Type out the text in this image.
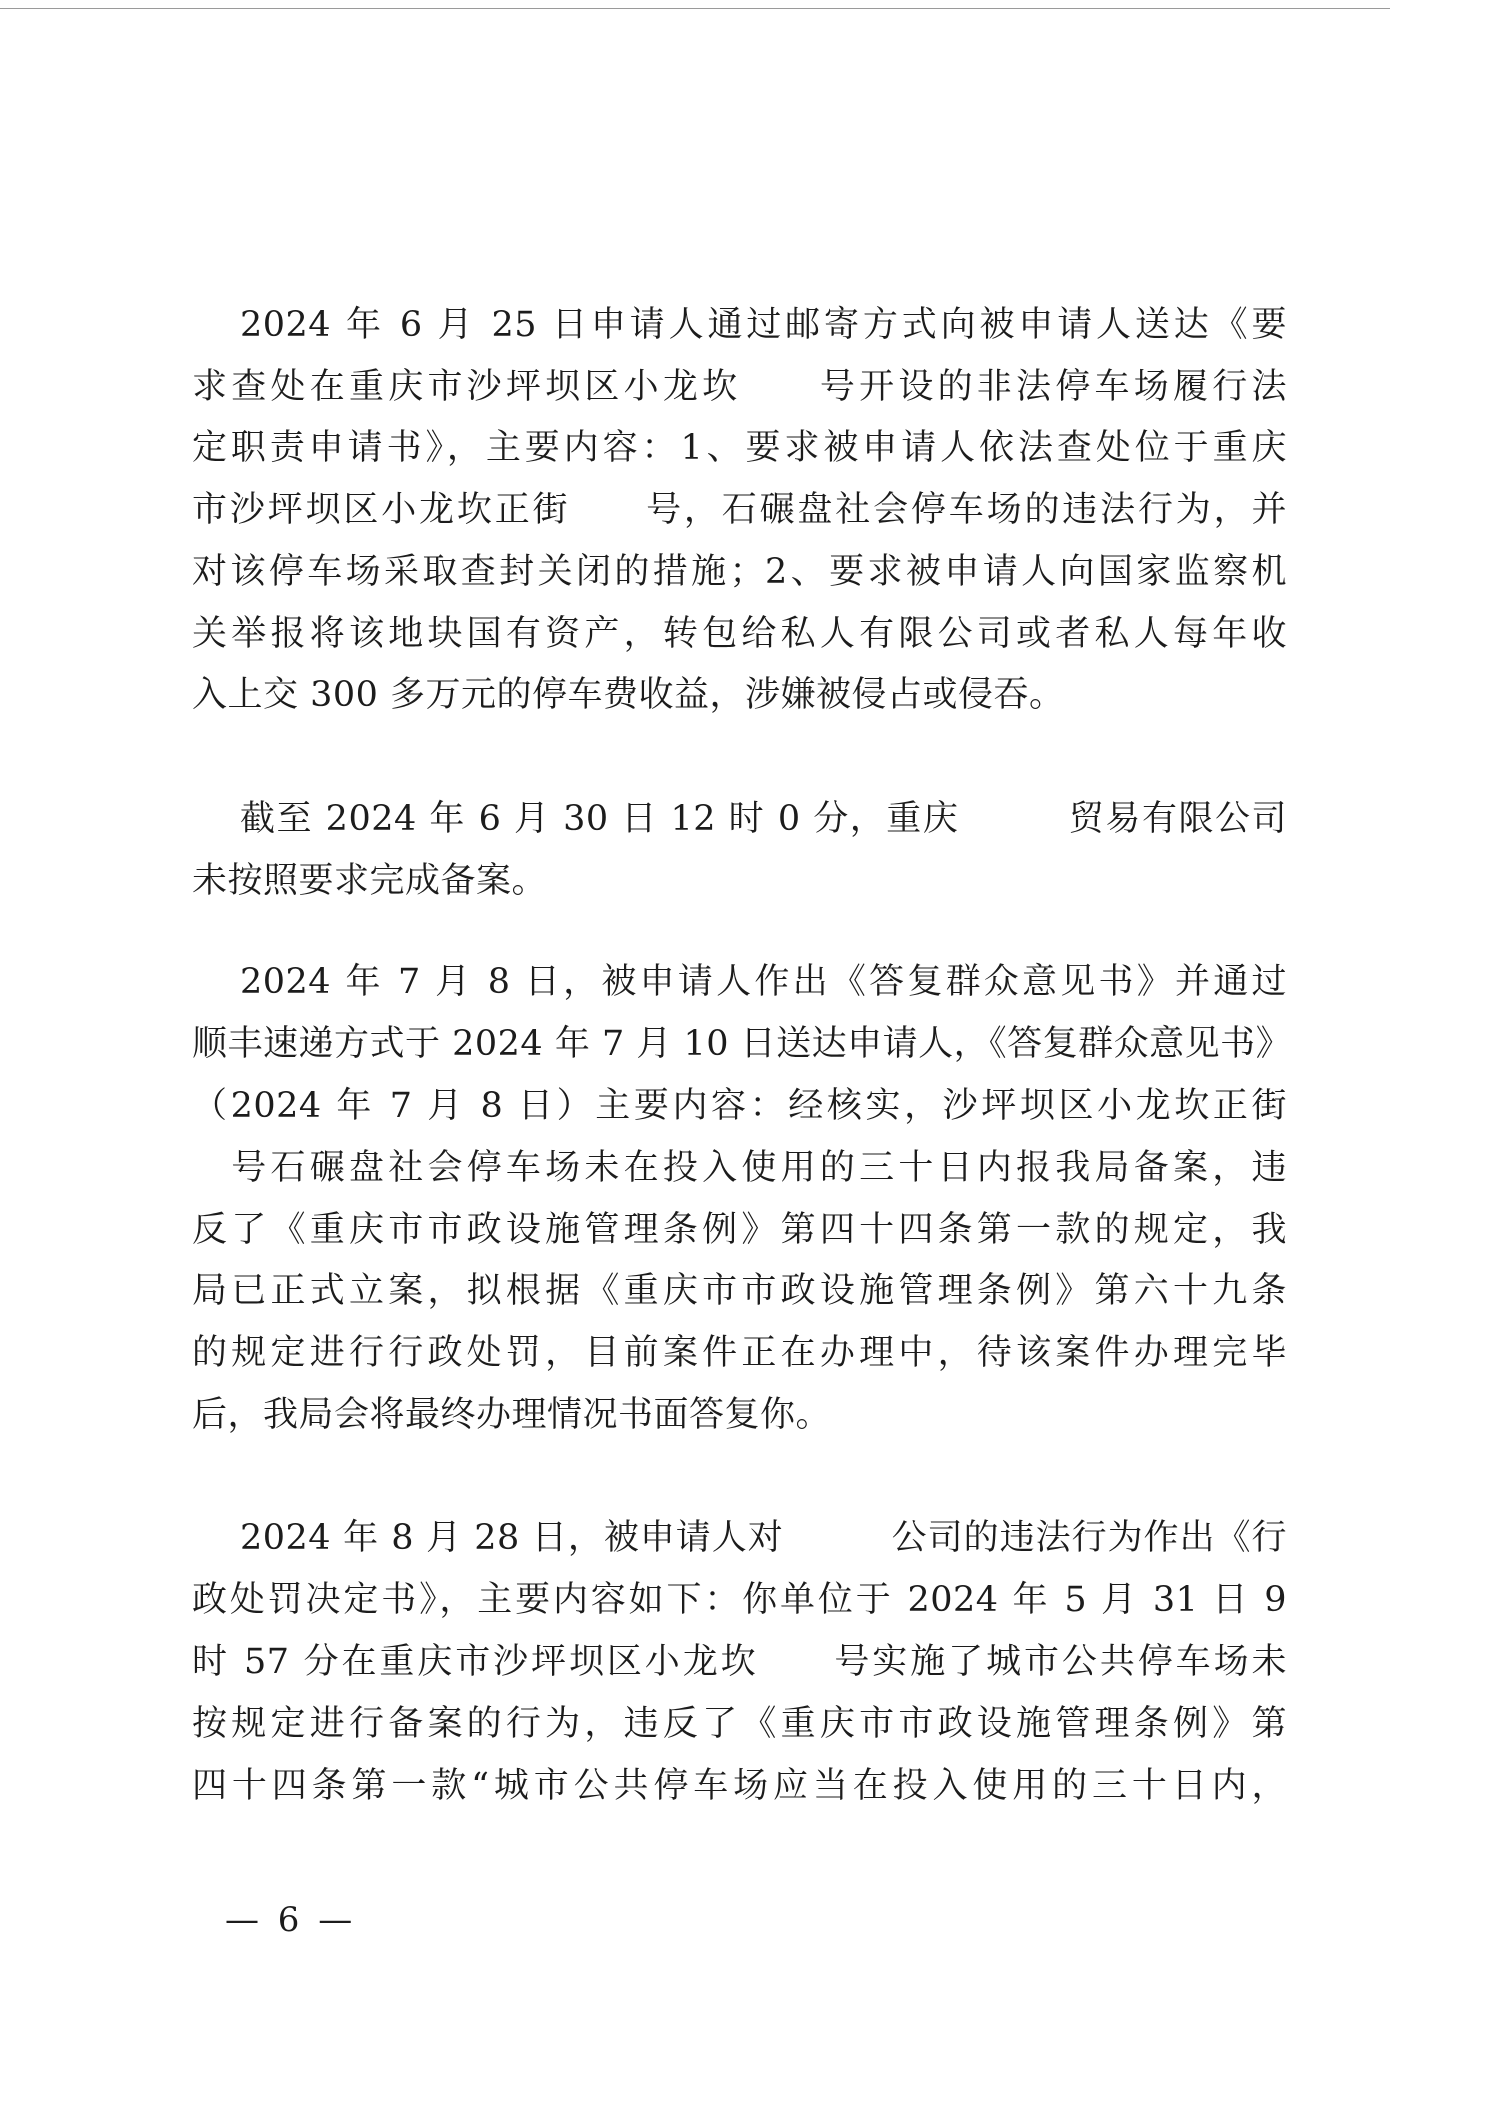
2024 年 6 月 25 日申请人通过邮寄方式向被申请人送达《要
求查处在重庆市沙坪坝区小龙坎　　号开设的非法停车场履行法
定职责申请书》，主要内容：1、要求被申请人依法查处位于重庆
市沙坪坝区小龙坎正街　　号，石碾盘社会停车场的违法行为，并
对该停车场采取查封关闭的措施；2、要求被申请人向国家监察机
关举报将该地块国有资产，转包给私人有限公司或者私人每年收
入上交 300 多万元的停车费收益，涉嫌被侵占或侵吞。
截至 2024 年 6 月 30 日 12 时 0 分，重庆　　　贸易有限公司
未按照要求完成备案。
2024 年 7 月 8 日，被申请人作出《答复群众意见书》并通过
顺丰速递方式于 2024 年 7 月 10 日送达申请人，《答复群众意见书》
（2024 年 7 月 8 日）主要内容：经核实，沙坪坝区小龙坎正街
　号石碾盘社会停车场未在投入使用的三十日内报我局备案，违
反了《重庆市市政设施管理条例》第四十四条第一款的规定，我
局已正式立案，拟根据《重庆市市政设施管理条例》第六十九条
的规定进行行政处罚，目前案件正在办理中，待该案件办理完毕
后，我局会将最终办理情况书面答复你。
2024 年 8 月 28 日，被申请人对　　　公司的违法行为作出《行
政处罚决定书》，主要内容如下：你单位于 2024 年 5 月 31 日 9
时 57 分在重庆市沙坪坝区小龙坎　　号实施了城市公共停车场未
按规定进行备案的行为，违反了《重庆市市政设施管理条例》第
四十四条第一款“城市公共停车场应当在投入使用的三十日内，
— 6 —
